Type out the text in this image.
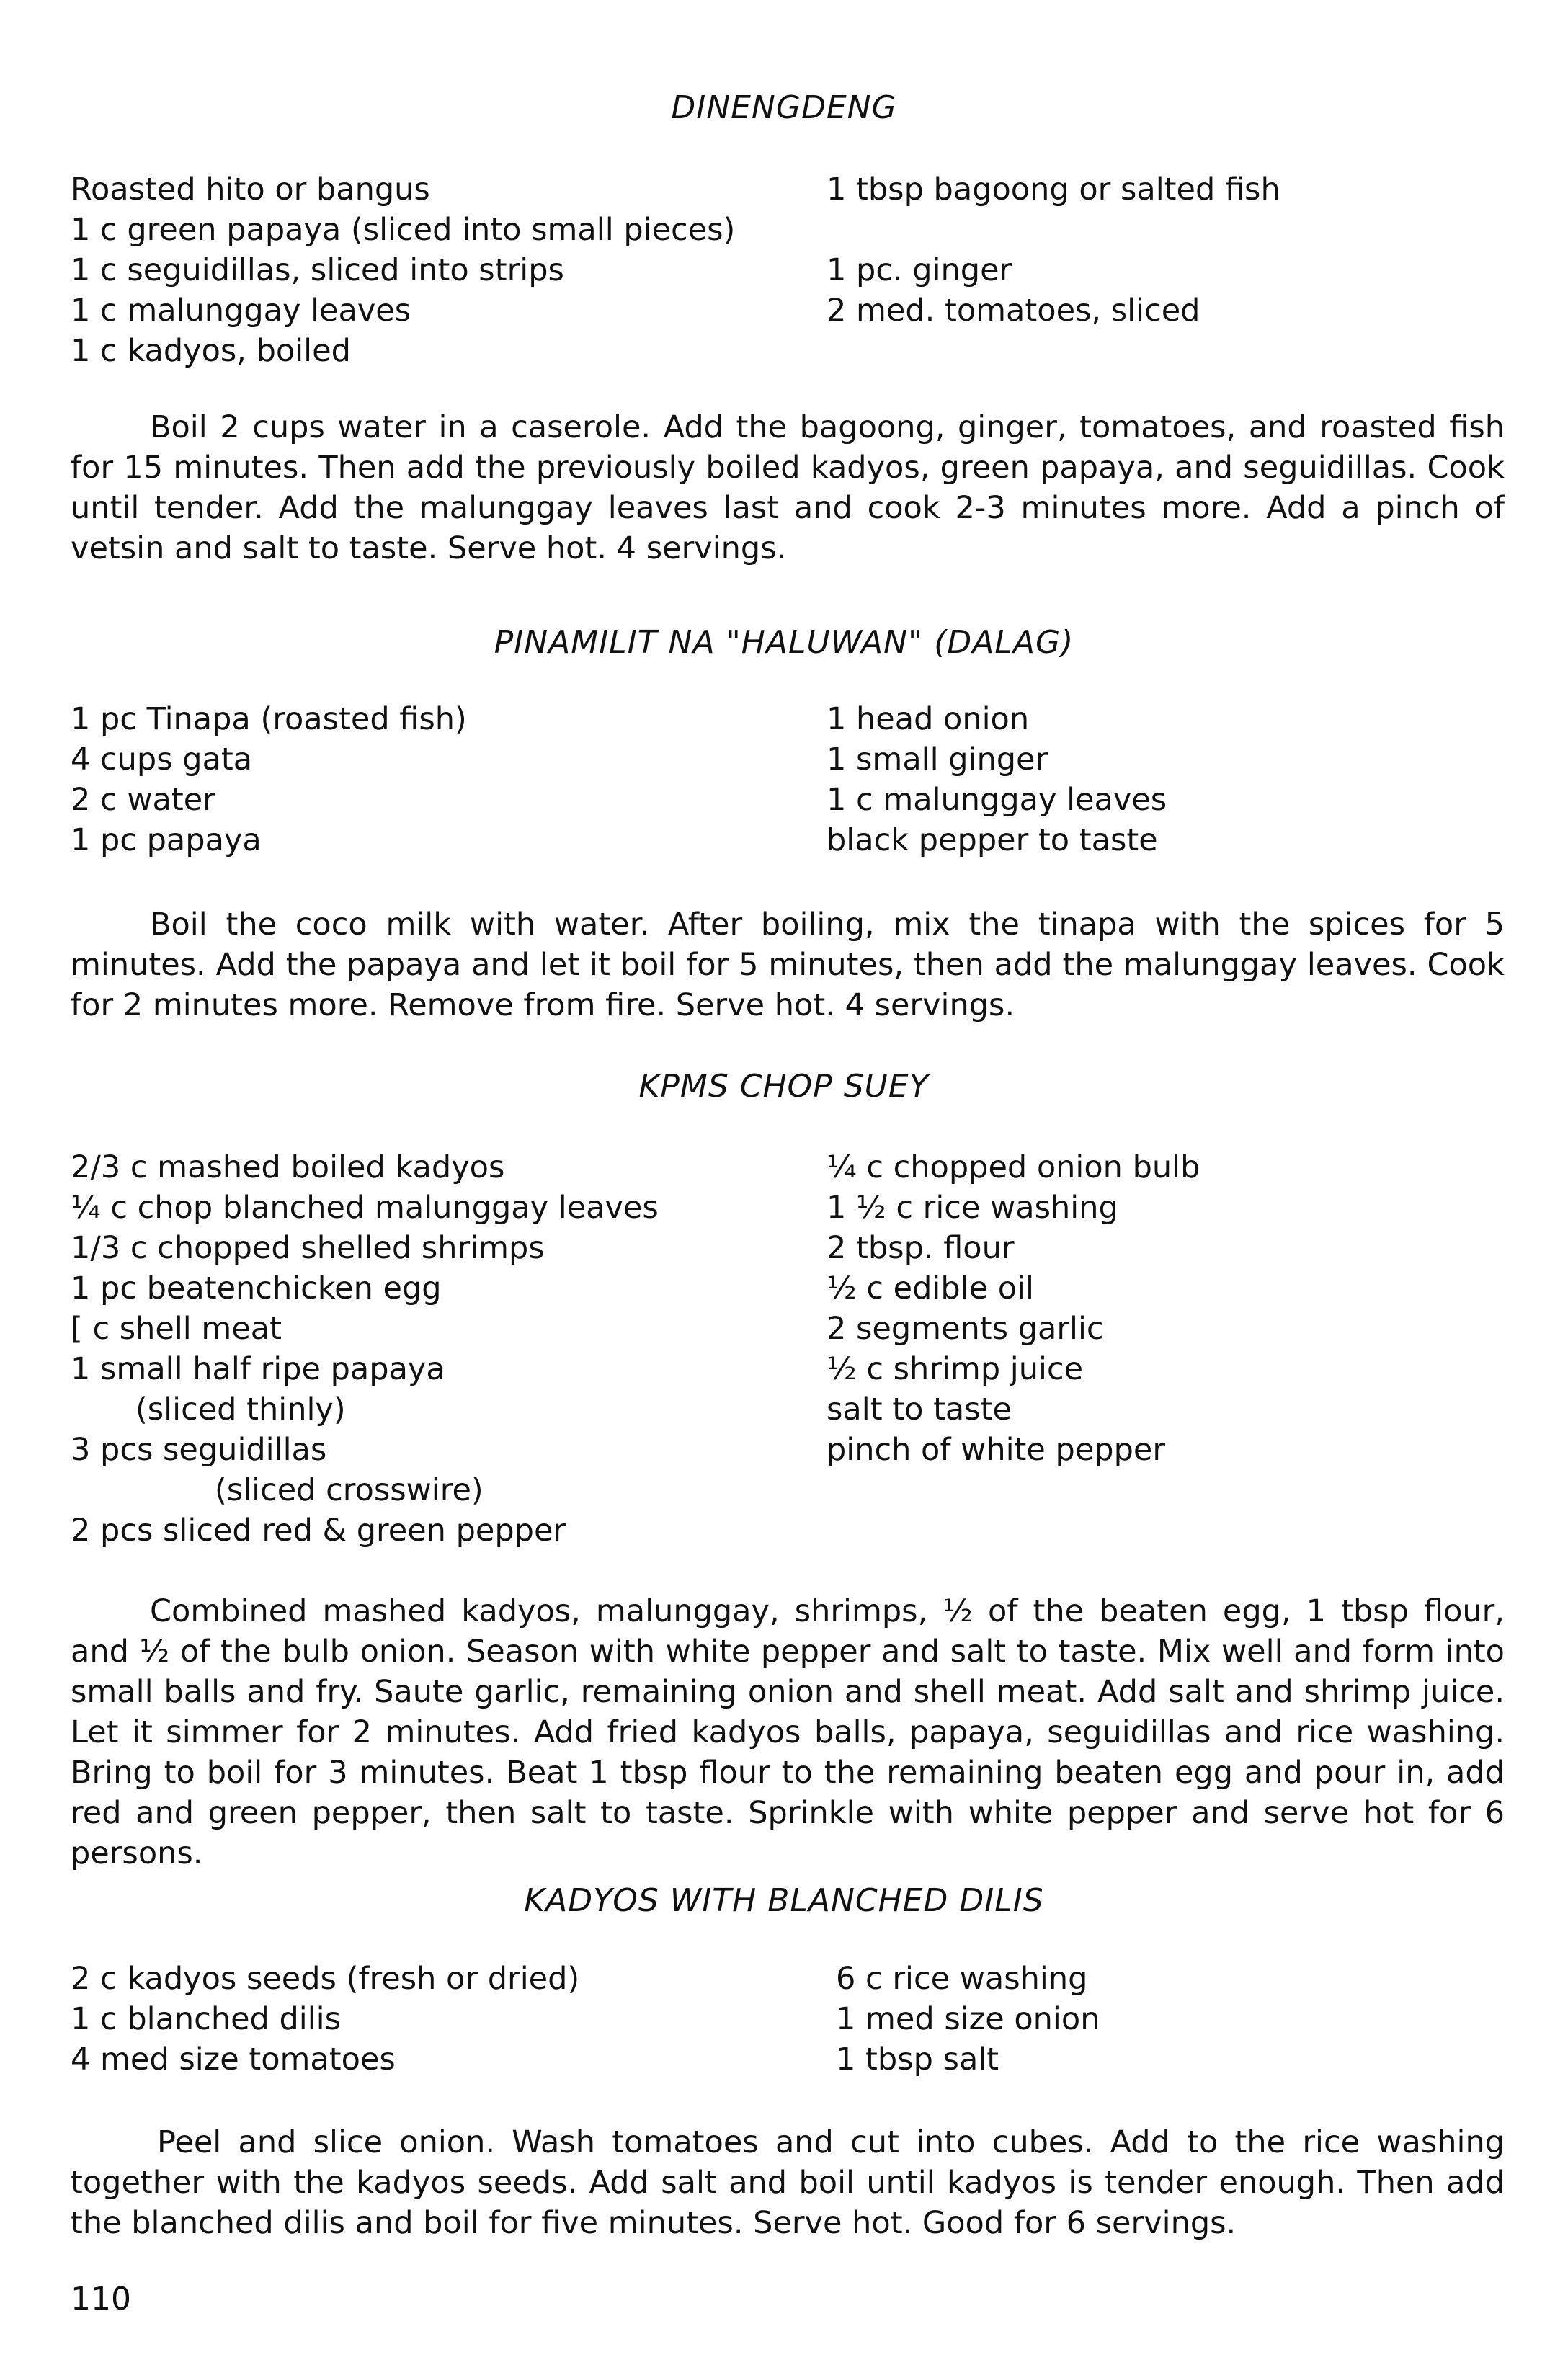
DINENGDENG
Roasted hito or bangus
1 c green papaya (sliced into small pieces)
1 c seguidillas, sliced into strips
1 c malunggay leaves
1 c kadyos, boiled
1 tbsp bagoong or salted fish

1 pc. ginger
2 med. tomatoes, sliced
Boil 2 cups water in a caserole. Add the bagoong, ginger, tomatoes, and roasted fish for 15 minutes. Then add the previously boiled kadyos, green papaya, and seguidillas. Cook until tender. Add the malunggay leaves last and cook 2-3 minutes more. Add a pinch of vetsin and salt to taste. Serve hot. 4 servings.
PINAMILIT NA "HALUWAN" (DALAG)
1 pc Tinapa (roasted fish)
4 cups gata
2 c water
1 pc papaya
1 head onion
1 small ginger
1 c malunggay leaves
black pepper to taste
Boil the coco milk with water. After boiling, mix the tinapa with the spices for 5 minutes. Add the papaya and let it boil for 5 minutes, then add the malunggay leaves. Cook for 2 minutes more. Remove from fire. Serve hot. 4 servings.
KPMS CHOP SUEY
2/3 c mashed boiled kadyos
¼ c chop blanched malunggay leaves
1/3 c chopped shelled shrimps
1 pc beatenchicken egg
[ c shell meat
1 small half ripe papaya
(sliced thinly)
3 pcs seguidillas
(sliced crosswire)
2 pcs sliced red & green pepper
¼ c chopped onion bulb
1 ½ c rice washing
2 tbsp. flour
½ c edible oil
2 segments garlic
½ c shrimp juice
salt to taste
pinch of white pepper
Combined mashed kadyos, malunggay, shrimps, ½ of the beaten egg, 1 tbsp flour, and ½ of the bulb onion. Season with white pepper and salt to taste. Mix well and form into small balls and fry. Saute garlic, remaining onion and shell meat. Add salt and shrimp juice. Let it simmer for 2 minutes. Add fried kadyos balls, papaya, seguidillas and rice washing. Bring to boil for 3 minutes. Beat 1 tbsp flour to the remaining beaten egg and pour in, add red and green pepper, then salt to taste. Sprinkle with white pepper and serve hot for 6 persons.
KADYOS WITH BLANCHED DILIS
2 c kadyos seeds (fresh or dried)
1 c blanched dilis
4 med size tomatoes
6 c rice washing
1 med size onion
1 tbsp salt
Peel and slice onion. Wash tomatoes and cut into cubes. Add to the rice washing together with the kadyos seeds. Add salt and boil until kadyos is tender enough. Then add the blanched dilis and boil for five minutes. Serve hot. Good for 6 servings.
110
